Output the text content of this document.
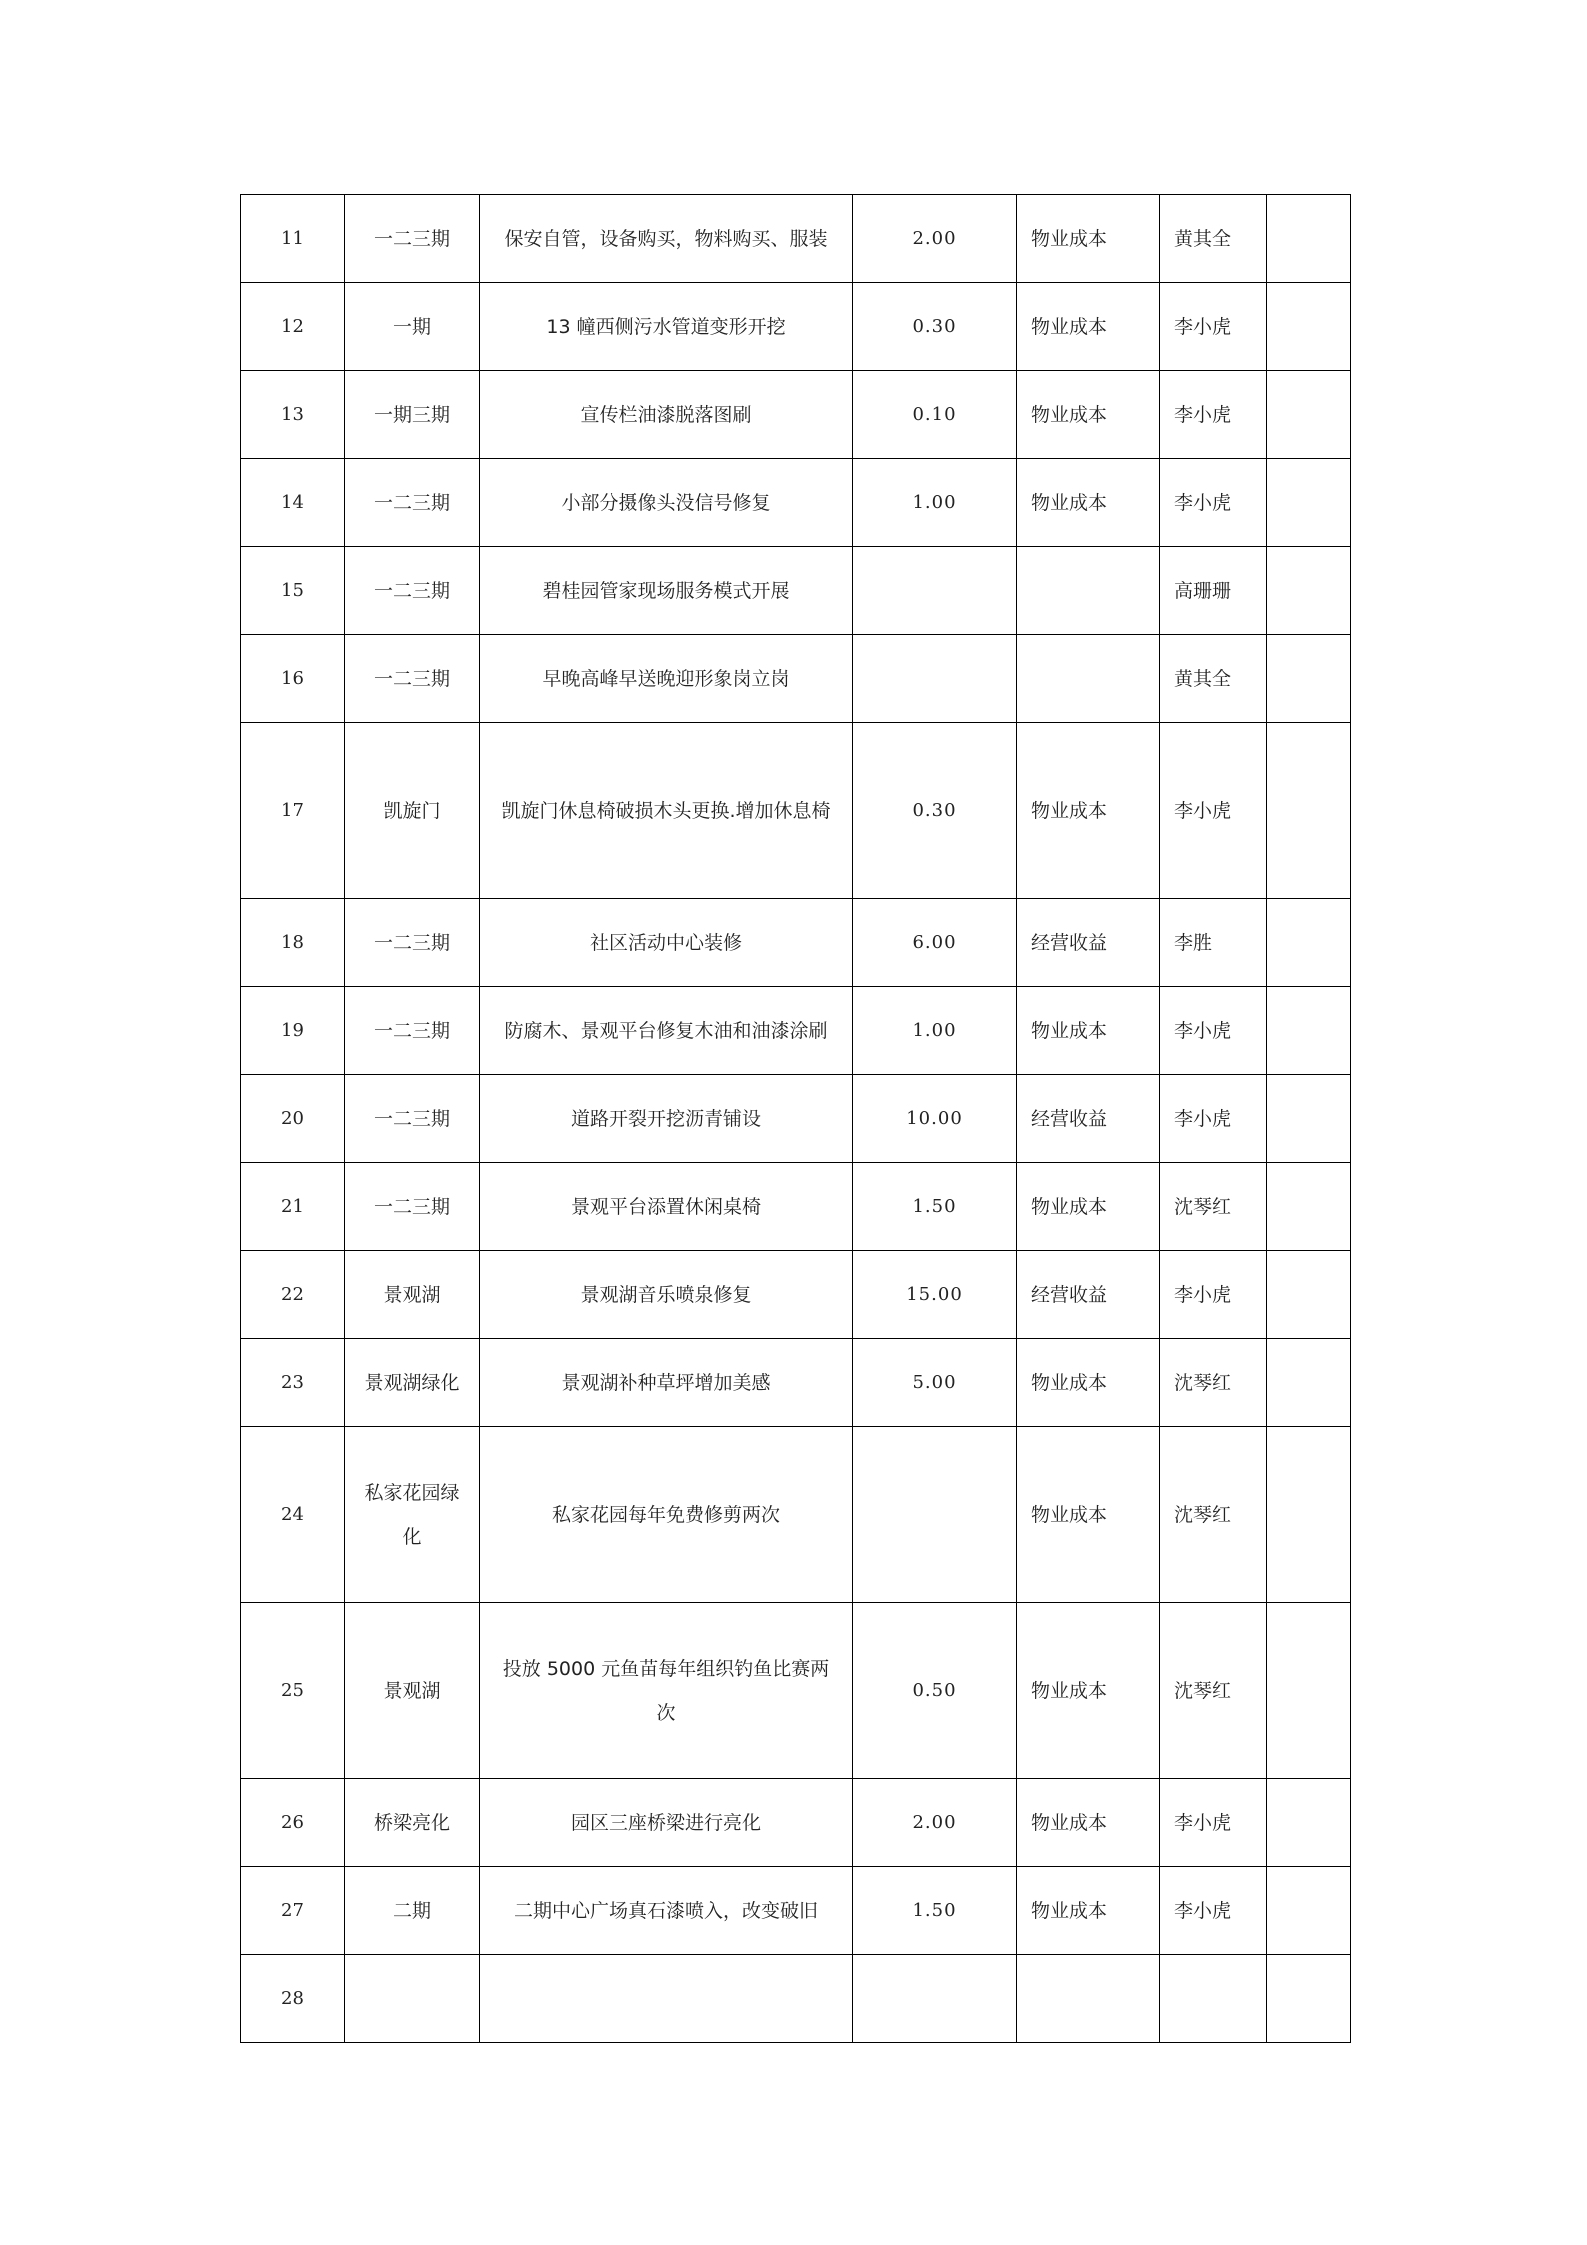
11	一二三期	保安自管，设备购买，物料购买、服装	2.00	物业成本	黄其全	
12	一期	13 幢西侧污水管道变形开挖	0.30	物业成本	李小虎	
13	一期三期	宣传栏油漆脱落图刷	0.10	物业成本	李小虎	
14	一二三期	小部分摄像头没信号修复	1.00	物业成本	李小虎	
15	一二三期	碧桂园管家现场服务模式开展			高珊珊	
16	一二三期	早晚高峰早送晚迎形象岗立岗			黄其全	
17	凯旋门	凯旋门休息椅破损木头更换.增加休息椅	0.30	物业成本	李小虎	
18	一二三期	社区活动中心装修	6.00	经营收益	李胜	
19	一二三期	防腐木、景观平台修复木油和油漆涂刷	1.00	物业成本	李小虎	
20	一二三期	道路开裂开挖沥青铺设	10.00	经营收益	李小虎	
21	一二三期	景观平台添置休闲桌椅	1.50	物业成本	沈琴红	
22	景观湖	景观湖音乐喷泉修复	15.00	经营收益	李小虎	
23	景观湖绿化	景观湖补种草坪增加美感	5.00	物业成本	沈琴红	
24	私家花园绿化	私家花园每年免费修剪两次		物业成本	沈琴红	
25	景观湖	投放 5000 元鱼苗每年组织钓鱼比赛两次	0.50	物业成本	沈琴红	
26	桥梁亮化	园区三座桥梁进行亮化	2.00	物业成本	李小虎	
27	二期	二期中心广场真石漆喷入，改变破旧	1.50	物业成本	李小虎	
28						
